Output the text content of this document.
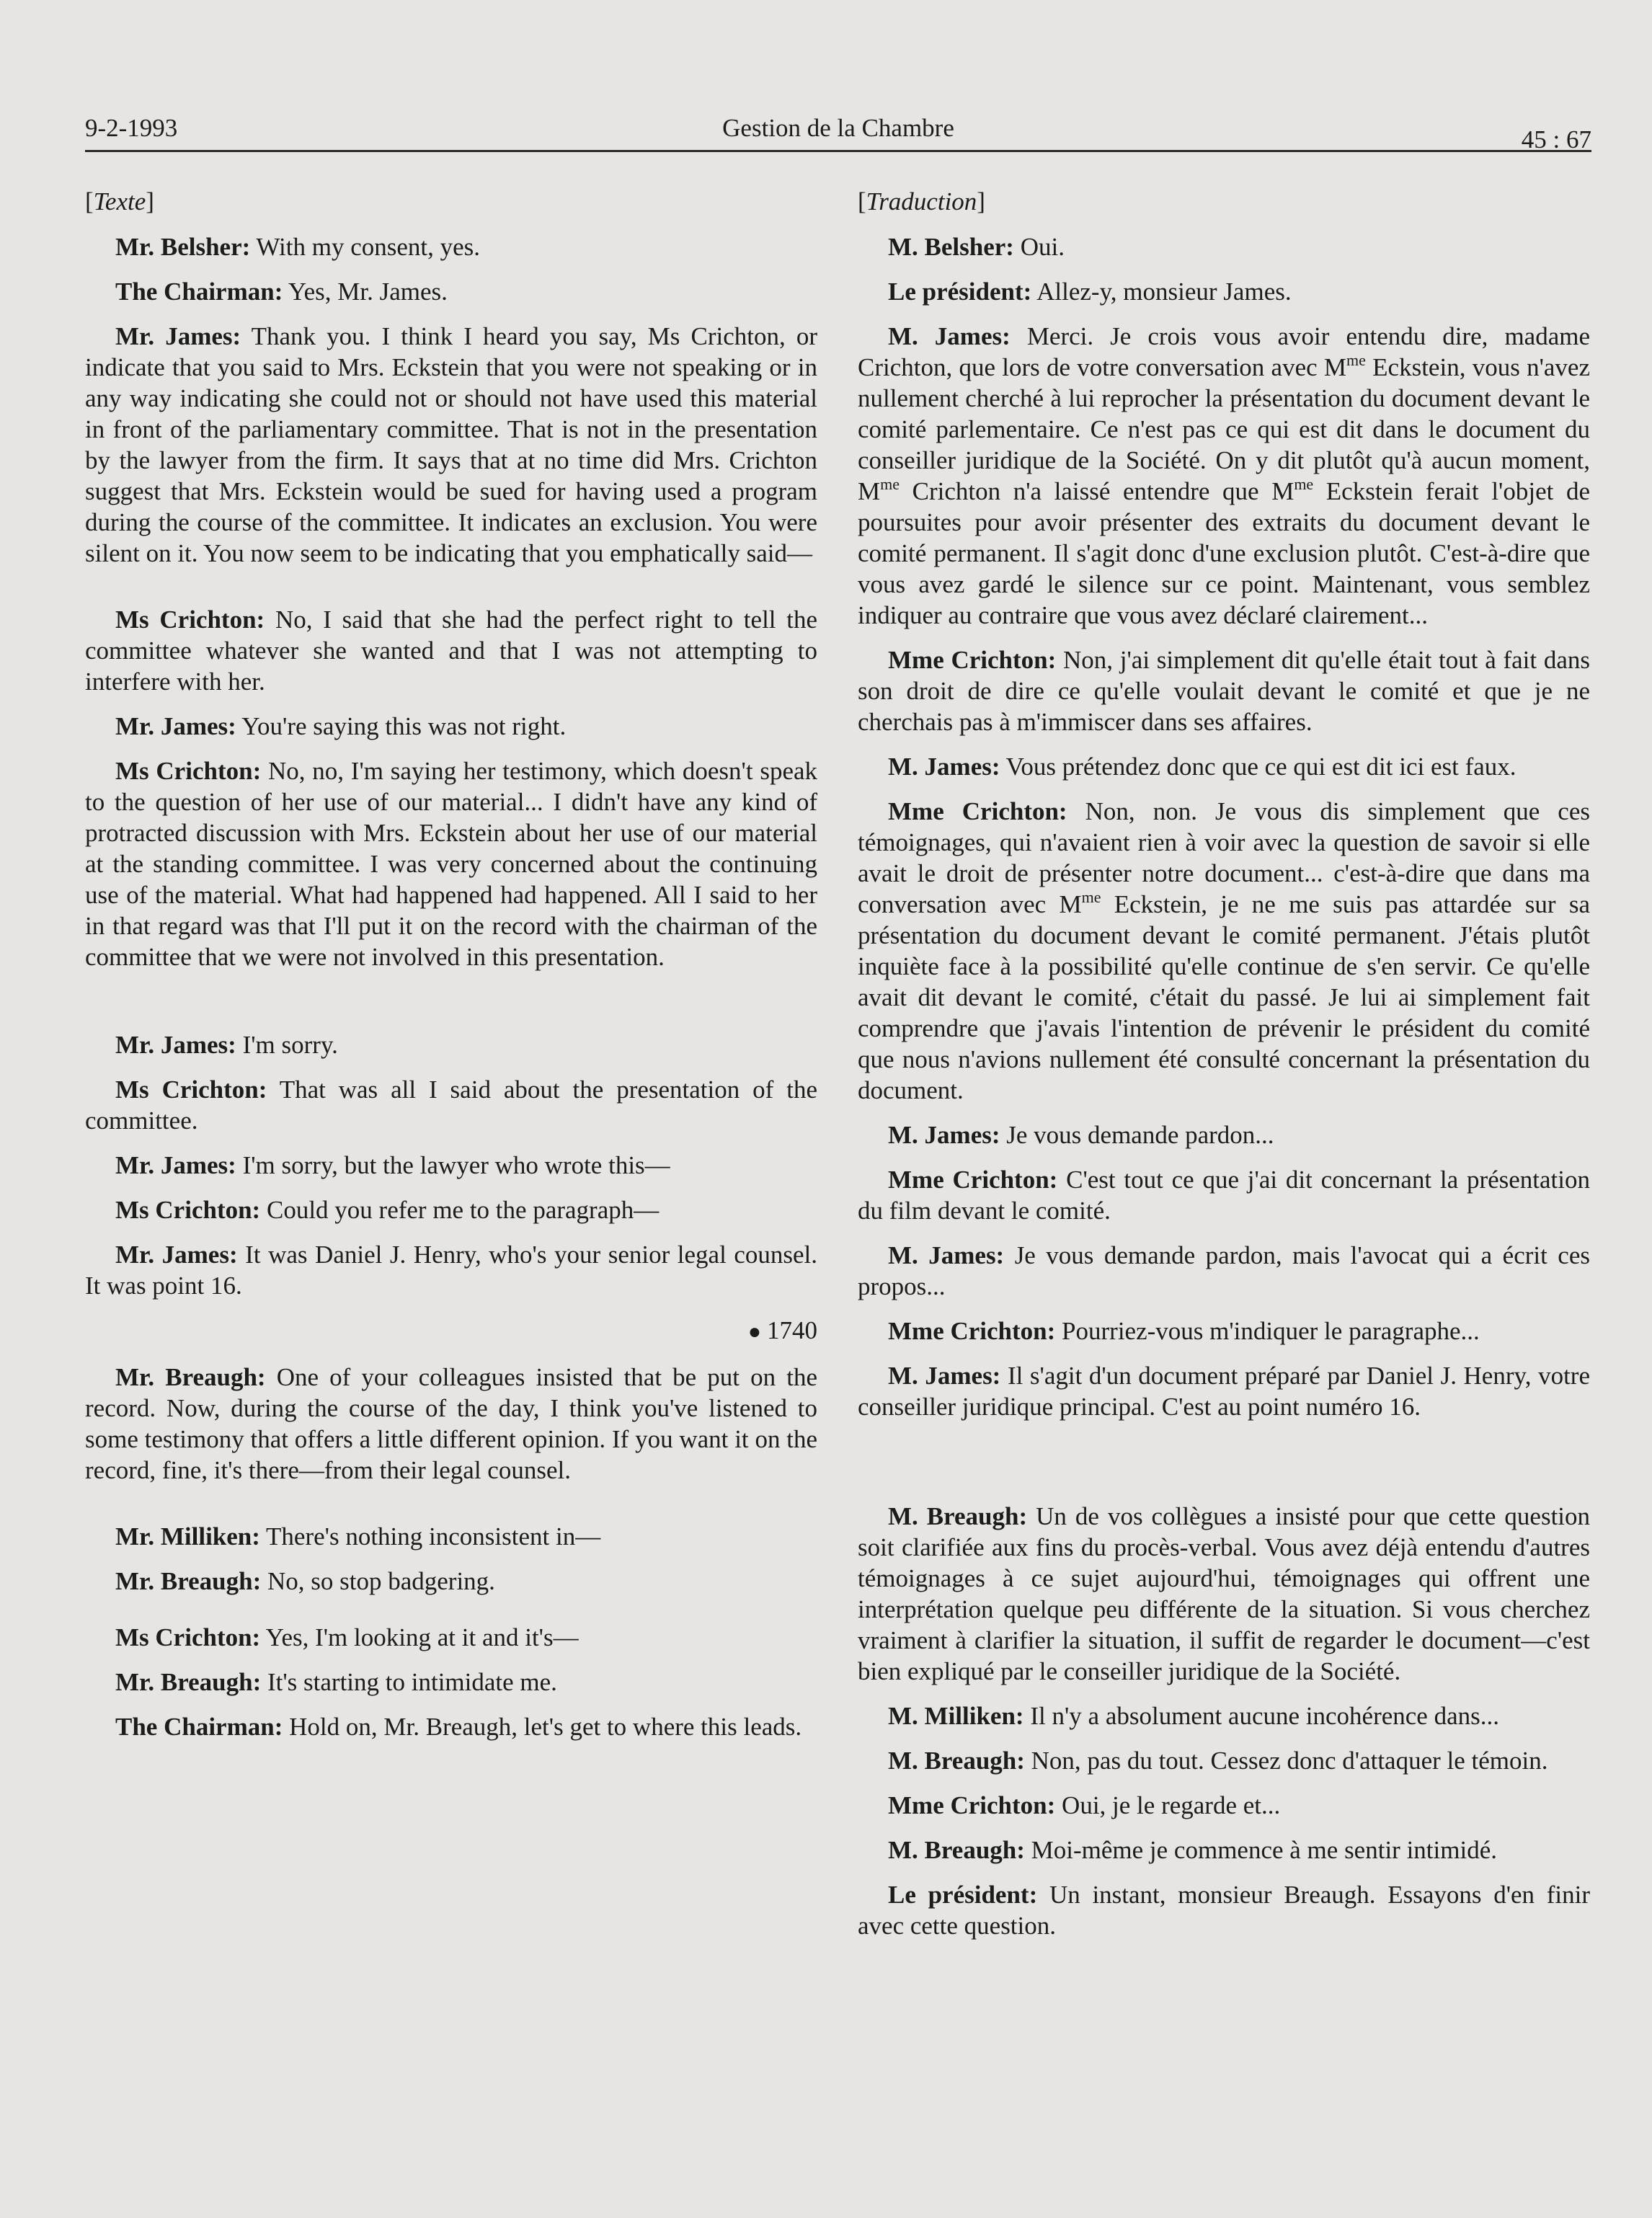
9-2-1993	Gestion de la Chambre	45 : 67
[Texte]

Mr. Belsher: With my consent, yes.

The Chairman: Yes, Mr. James.

Mr. James: Thank you. I think I heard you say, Ms Crichton, or indicate that you said to Mrs. Eckstein that you were not speaking or in any way indicating she could not or should not have used this material in front of the parliamentary committee. That is not in the presentation by the lawyer from the firm. It says that at no time did Mrs. Crichton suggest that Mrs. Eckstein would be sued for having used a program during the course of the committee. It indicates an exclusion. You were silent on it. You now seem to be indicating that you emphatically said—

Ms Crichton: No, I said that she had the perfect right to tell the committee whatever she wanted and that I was not attempting to interfere with her.

Mr. James: You're saying this was not right.

Ms Crichton: No, no, I'm saying her testimony, which doesn't speak to the question of her use of our material... I didn't have any kind of protracted discussion with Mrs. Eckstein about her use of our material at the standing committee. I was very concerned about the continuing use of the material. What had happened had happened. All I said to her in that regard was that I'll put it on the record with the chairman of the committee that we were not involved in this presentation.

Mr. James: I'm sorry.

Ms Crichton: That was all I said about the presentation of the committee.

Mr. James: I'm sorry, but the lawyer who wrote this—

Ms Crichton: Could you refer me to the paragraph—

Mr. James: It was Daniel J. Henry, who's your senior legal counsel. It was point 16.

● 1740

Mr. Breaugh: One of your colleagues insisted that be put on the record. Now, during the course of the day, I think you've listened to some testimony that offers a little different opinion. If you want it on the record, fine, it's there—from their legal counsel.

Mr. Milliken: There's nothing inconsistent in—

Mr. Breaugh: No, so stop badgering.

Ms Crichton: Yes, I'm looking at it and it's—

Mr. Breaugh: It's starting to intimidate me.

The Chairman: Hold on, Mr. Breaugh, let's get to where this leads.

[Traduction]

M. Belsher: Oui.

Le président: Allez-y, monsieur James.

M. James: Merci. Je crois vous avoir entendu dire, madame Crichton, que lors de votre conversation avec $M^{me}$ Eckstein, vous n'avez nullement cherché à lui reprocher la présentation du document devant le comité parlementaire. Ce n'est pas ce qui est dit dans le document du conseiller juridique de la Société. On y dit plutôt qu'à aucun moment, $M^{me}$ Crichton n'a laissé entendre que $M^{me}$ Eckstein ferait l'objet de poursuites pour avoir présenter des extraits du document devant le comité permanent. Il s'agit donc d'une exclusion plutôt. C'est-à-dire que vous avez gardé le silence sur ce point. Maintenant, vous semblez indiquer au contraire que vous avez déclaré clairement...

Mme Crichton: Non, j'ai simplement dit qu'elle était tout à fait dans son droit de dire ce qu'elle voulait devant le comité et que je ne cherchais pas à m'immiscer dans ses affaires.

M. James: Vous prétendez donc que ce qui est dit ici est faux.

Mme Crichton: Non, non. Je vous dis simplement que ces témoignages, qui n'avaient rien à voir avec la question de savoir si elle avait le droit de présenter notre document... c'est-à-dire que dans ma conversation avec $M^{me}$ Eckstein, je ne me suis pas attardée sur sa présentation du document devant le comité permanent. J'étais plutôt inquiète face à la possibilité qu'elle continue de s'en servir. Ce qu'elle avait dit devant le comité, c'était du passé. Je lui ai simplement fait comprendre que j'avais l'intention de prévenir le président du comité que nous n'avions nullement été consulté concernant la présentation du document.

M. James: Je vous demande pardon...

Mme Crichton: C'est tout ce que j'ai dit concernant la présentation du film devant le comité.

M. James: Je vous demande pardon, mais l'avocat qui a écrit ces propos...

Mme Crichton: Pourriez-vous m'indiquer le paragraphe...

M. James: Il s'agit d'un document préparé par Daniel J. Henry, votre conseiller juridique principal. C'est au point numéro 16.

M. Breaugh: Un de vos collègues a insisté pour que cette question soit clarifiée aux fins du procès-verbal. Vous avez déjà entendu d'autres témoignages à ce sujet aujourd'hui, témoignages qui offrent une interprétation quelque peu différente de la situation. Si vous cherchez vraiment à clarifier la situation, il suffit de regarder le document—c'est bien expliqué par le conseiller juridique de la Société.

M. Milliken: Il n'y a absolument aucune incohérence dans...

M. Breaugh: Non, pas du tout. Cessez donc d'attaquer le témoin.

Mme Crichton: Oui, je le regarde et...

M. Breaugh: Moi-même je commence à me sentir intimidé.

Le président: Un instant, monsieur Breaugh. Essayons d'en finir avec cette question.
